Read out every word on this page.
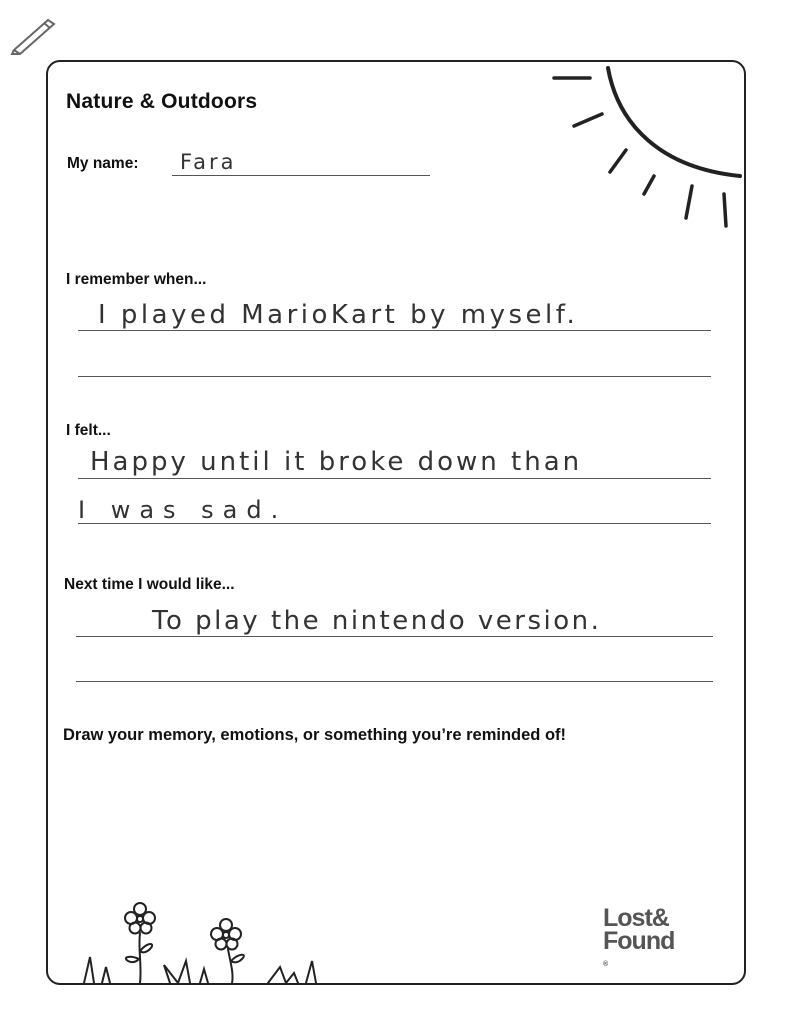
Nature & Outdoors
My name: Fara
I remember when...
I played MarioKart by myself.
I felt...
Happy until it broke down than
I was sad.
Next time I would like...
To play the nintendo version.
Draw your memory, emotions, or something you’re reminded of!
Lost&
Found
®
